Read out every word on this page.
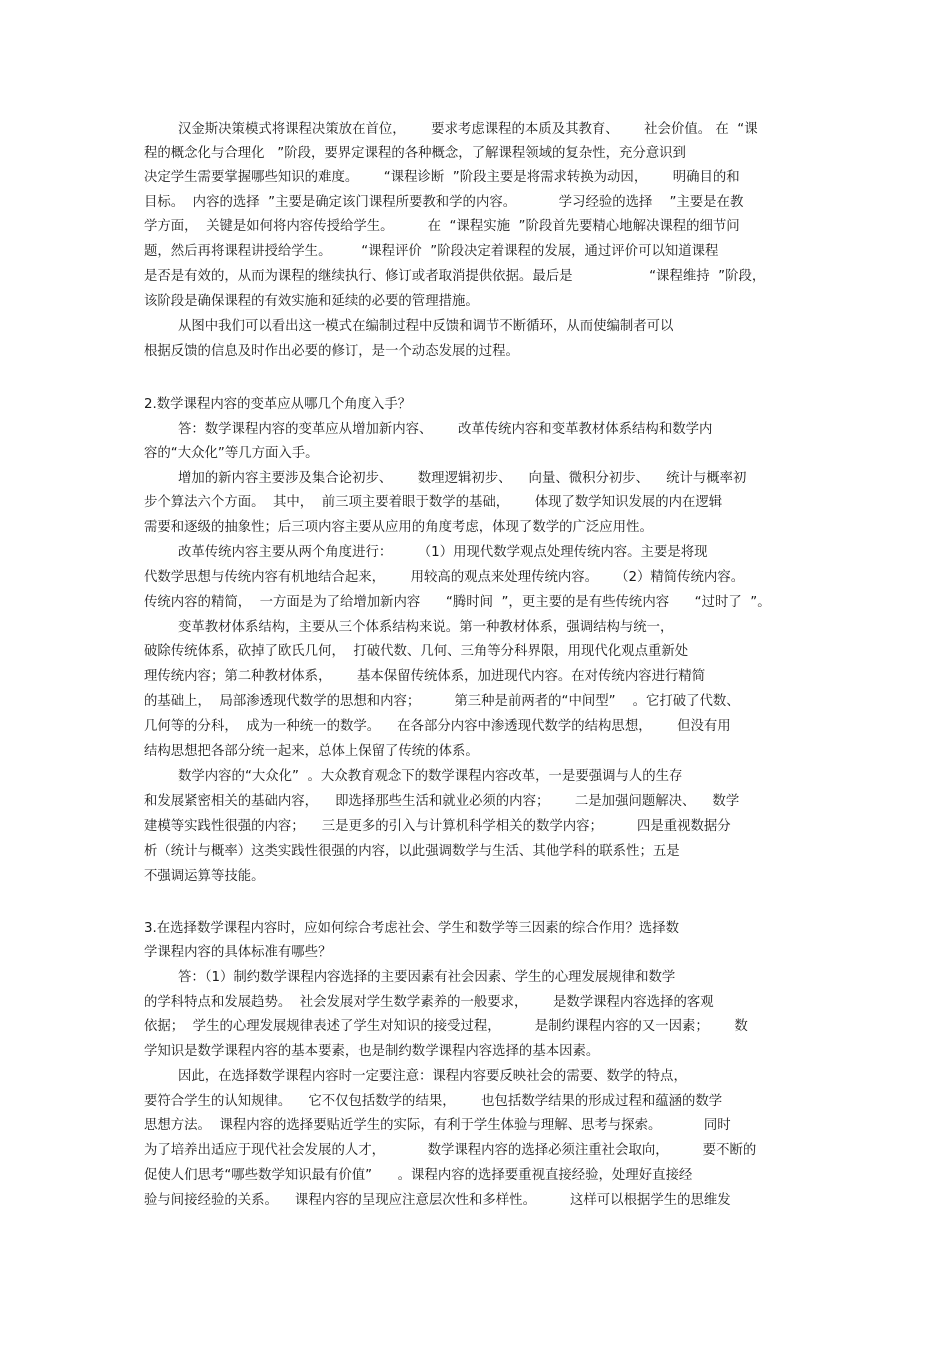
汉金斯决策模式将课程决策放在首位，      要求考虑课程的本质及其教育、      社会价值。 在  “课
程的概念化与合理化   ”阶段，要界定课程的各种概念，了解课程领域的复杂性，充分意识到
决定学生需要掌握哪些知识的难度。      “课程诊断  ”阶段主要是将需求转换为动因，      明确目的和
目标。  内容的选择  ”主要是确定该门课程所要教和学的内容。          学习经验的选择    ”主要是在教
学方面，  关键是如何将内容传授给学生。        在  “课程实施  ”阶段首先要精心地解决课程的细节问
题，然后再将课程讲授给学生。       “课程评价  ”阶段决定着课程的发展，通过评价可以知道课程
是否是有效的，从而为课程的继续执行、修订或者取消提供依据。最后是                  “课程维持  ”阶段，
该阶段是确保课程的有效实施和延续的必要的管理措施。
从图中我们可以看出这一模式在编制过程中反馈和调节不断循环，从而使编制者可以
根据反馈的信息及时作出必要的修订，是一个动态发展的过程。
2.数学课程内容的变革应从哪几个角度入手？
答：数学课程内容的变革应从增加新内容、      改革传统内容和变革教材体系结构和数学内
容的“大众化”等几方面入手。
增加的新内容主要涉及集合论初步、      数理逻辑初步、    向量、微积分初步、    统计与概率初
步个算法六个方面。  其中，  前三项主要着眼于数学的基础，      体现了数学知识发展的内在逻辑
需要和逐级的抽象性；后三项内容主要从应用的角度考虑，体现了数学的广泛应用性。
改革传统内容主要从两个角度进行：      （1）用现代数学观点处理传统内容。主要是将现
代数学思想与传统内容有机地结合起来，      用较高的观点来处理传统内容。    （2）精简传统内容。
传统内容的精简，  一方面是为了给增加新内容      “腾时间  ”，更主要的是有些传统内容      “过时了  ”。
变革教材体系结构，主要从三个体系结构来说。第一种教材体系，强调结构与统一，
破除传统体系，砍掉了欧氏几何，  打破代数、几何、三角等分科界限，用现代化观点重新处
理传统内容；第二种教材体系，      基本保留传统体系，加进现代内容。在对传统内容进行精简
的基础上，  局部渗透现代数学的思想和内容；        第三种是前两者的“中间型”    。它打破了代数、
几何等的分科，  成为一种统一的数学。    在各部分内容中渗透现代数学的结构思想，      但没有用
结构思想把各部分统一起来，总体上保留了传统的体系。
数学内容的“大众化”  。大众教育观念下的数学课程内容改革，一是要强调与人的生存
和发展紧密相关的基础内容，    即选择那些生活和就业必须的内容；      二是加强问题解决、    数学
建模等实践性很强的内容；    三是更多的引入与计算机科学相关的数学内容；        四是重视数据分
析（统计与概率）这类实践性很强的内容，以此强调数学与生活、其他学科的联系性；五是
不强调运算等技能。
3.在选择数学课程内容时，应如何综合考虑社会、学生和数学等三因素的综合作用？选择数
学课程内容的具体标准有哪些？
答：（1）制约数学课程内容选择的主要因素有社会因素、学生的心理发展规律和数学
的学科特点和发展趋势。  社会发展对学生数学素养的一般要求，      是数学课程内容选择的客观
依据；  学生的心理发展规律表述了学生对知识的接受过程，        是制约课程内容的又一因素；      数
学知识是数学课程内容的基本要素，也是制约数学课程内容选择的基本因素。
因此，在选择数学课程内容时一定要注意：课程内容要反映社会的需要、数学的特点，
要符合学生的认知规律。    它不仅包括数学的结果，      也包括数学结果的形成过程和蕴涵的数学
思想方法。  课程内容的选择要贴近学生的实际，有利于学生体验与理解、思考与探索。          同时
为了培养出适应于现代社会发展的人才，          数学课程内容的选择必须注重社会取向，        要不断的
促使人们思考“哪些数学知识最有价值”      。课程内容的选择要重视直接经验，处理好直接经
验与间接经验的关系。    课程内容的呈现应注意层次性和多样性。        这样可以根据学生的思维发
